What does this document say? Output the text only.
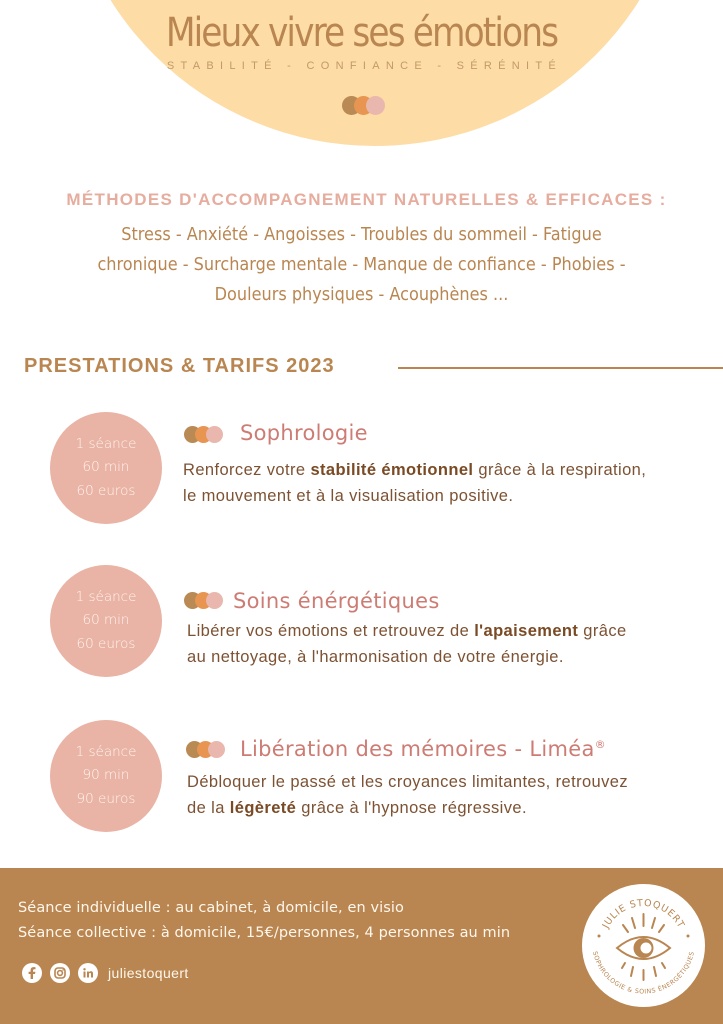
Mieux vivre ses émotions
STABILITÉ - CONFIANCE - SÉRÉNITÉ
MÉTHODES D'ACCOMPAGNEMENT NATURELLES & EFFICACES :
Stress - Anxiété - Angoisses - Troubles du sommeil - Fatigue
chronique - Surcharge mentale - Manque de confiance - Phobies -
Douleurs physiques - Acouphènes ...
PRESTATIONS & TARIFS 2023
1 séance
60 min
60 euros
Sophrologie
Renforcez votre stabilité émotionnel grâce à la respiration,
le mouvement et à la visualisation positive.
1 séance
60 min
60 euros
Soins énérgétiques
Libérer vos émotions et retrouvez de l'apaisement grâce
au nettoyage, à l'harmonisation de votre énergie.
1 séance
90 min
90 euros
Libération des mémoires - Liméa®
Débloquer le passé et les croyances limitantes, retrouvez
de la légèreté grâce à l'hypnose régressive.
Séance individuelle : au cabinet, à domicile, en visio
Séance collective : à domicile, 15€/personnes, 4 personnes au min
juliestoquert
JULIE STOQUERT
SOPHROLOGIE & SOINS ÉNERGÉTIQUES
